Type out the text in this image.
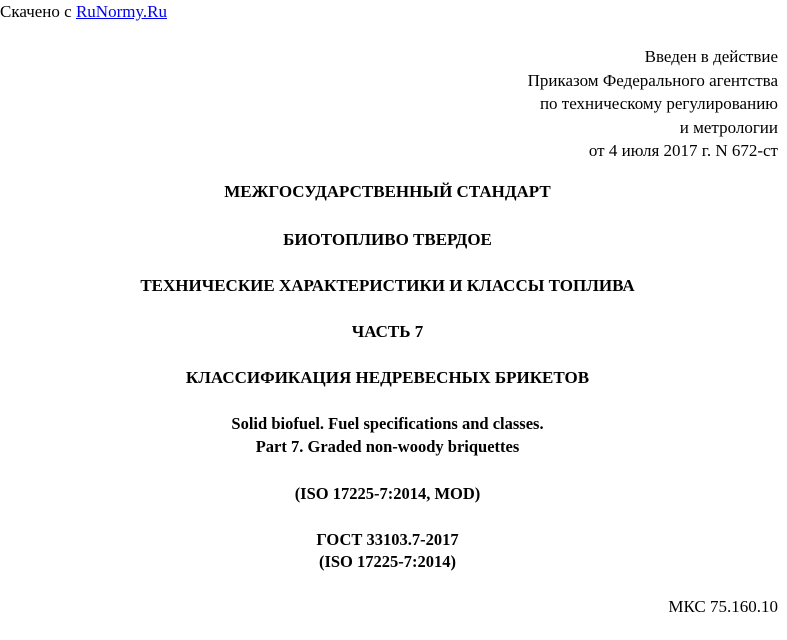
Скачено с RuNormy.Ru
Введен в действие
Приказом Федерального агентства
по техническому регулированию
и метрологии
от 4 июля 2017 г. N 672-ст
МЕЖГОСУДАРСТВЕННЫЙ СТАНДАРТ
БИОТОПЛИВО ТВЕРДОЕ
ТЕХНИЧЕСКИЕ ХАРАКТЕРИСТИКИ И КЛАССЫ ТОПЛИВА
ЧАСТЬ 7
КЛАССИФИКАЦИЯ НЕДРЕВЕСНЫХ БРИКЕТОВ
Solid biofuel. Fuel specifications and classes.
Part 7. Graded non-woody briquettes
(ISO 17225-7:2014, MOD)
ГОСТ 33103.7-2017
(ISO 17225-7:2014)
МКС 75.160.10
